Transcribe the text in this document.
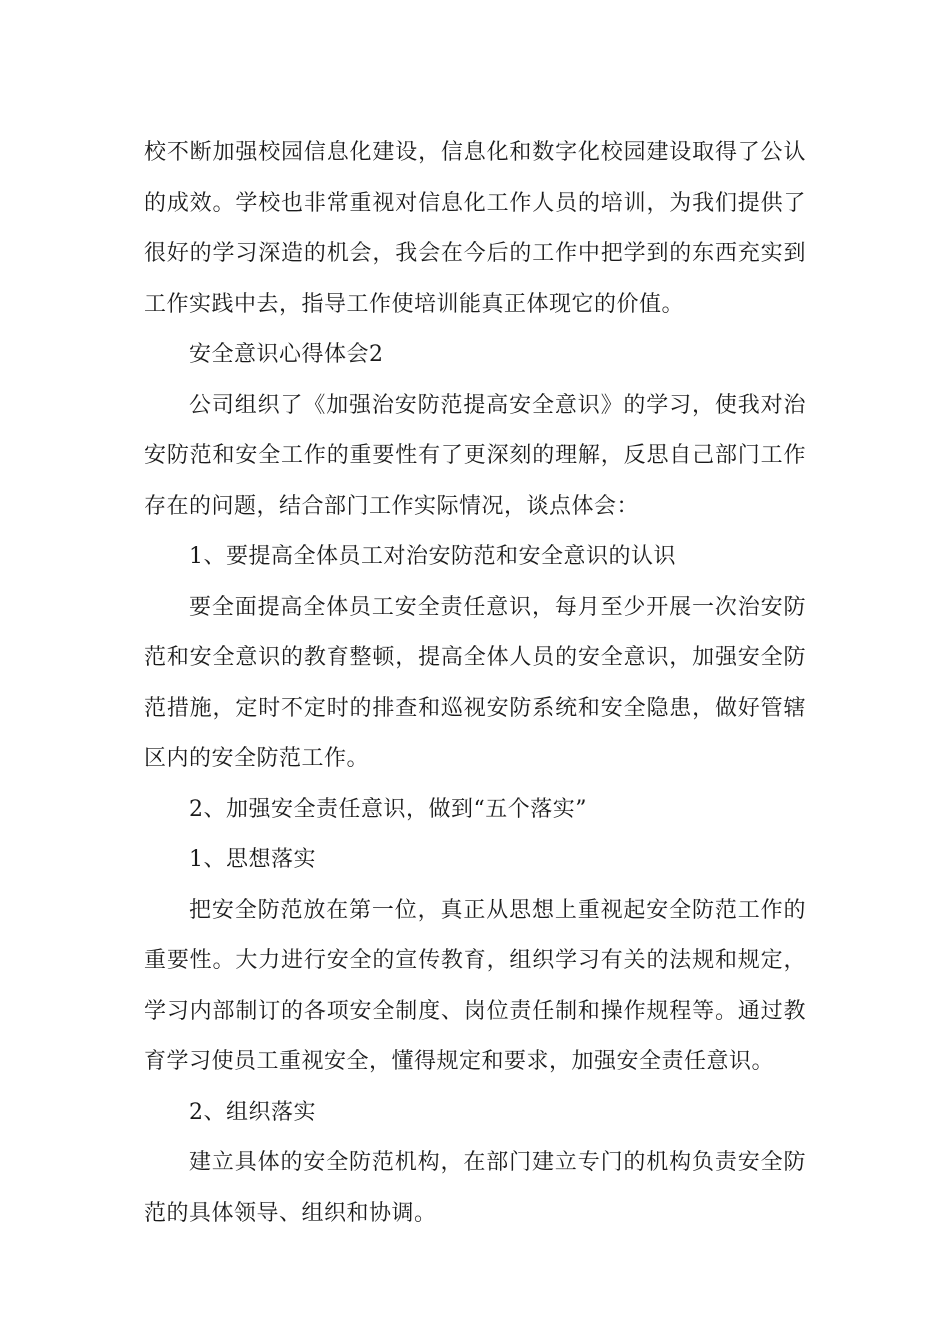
校不断加强校园信息化建设，信息化和数字化校园建设取得了公认的成效。学校也非常重视对信息化工作人员的培训，为我们提供了很好的学习深造的机会，我会在今后的工作中把学到的东西充实到工作实践中去，指导工作使培训能真正体现它的价值。

安全意识心得体会2

公司组织了《加强治安防范提高安全意识》的学习，使我对治安防范和安全工作的重要性有了更深刻的理解，反思自己部门工作存在的问题，结合部门工作实际情况，谈点体会：

1、要提高全体员工对治安防范和安全意识的认识

要全面提高全体员工安全责任意识，每月至少开展一次治安防范和安全意识的教育整顿，提高全体人员的安全意识，加强安全防范措施，定时不定时的排查和巡视安防系统和安全隐患，做好管辖区内的安全防范工作。

2、加强安全责任意识，做到“五个落实”

1、思想落实

把安全防范放在第一位，真正从思想上重视起安全防范工作的重要性。大力进行安全的宣传教育，组织学习有关的法规和规定，学习内部制订的各项安全制度、岗位责任制和操作规程等。通过教育学习使员工重视安全，懂得规定和要求，加强安全责任意识。

2、组织落实

建立具体的安全防范机构，在部门建立专门的机构负责安全防范的具体领导、组织和协调。
